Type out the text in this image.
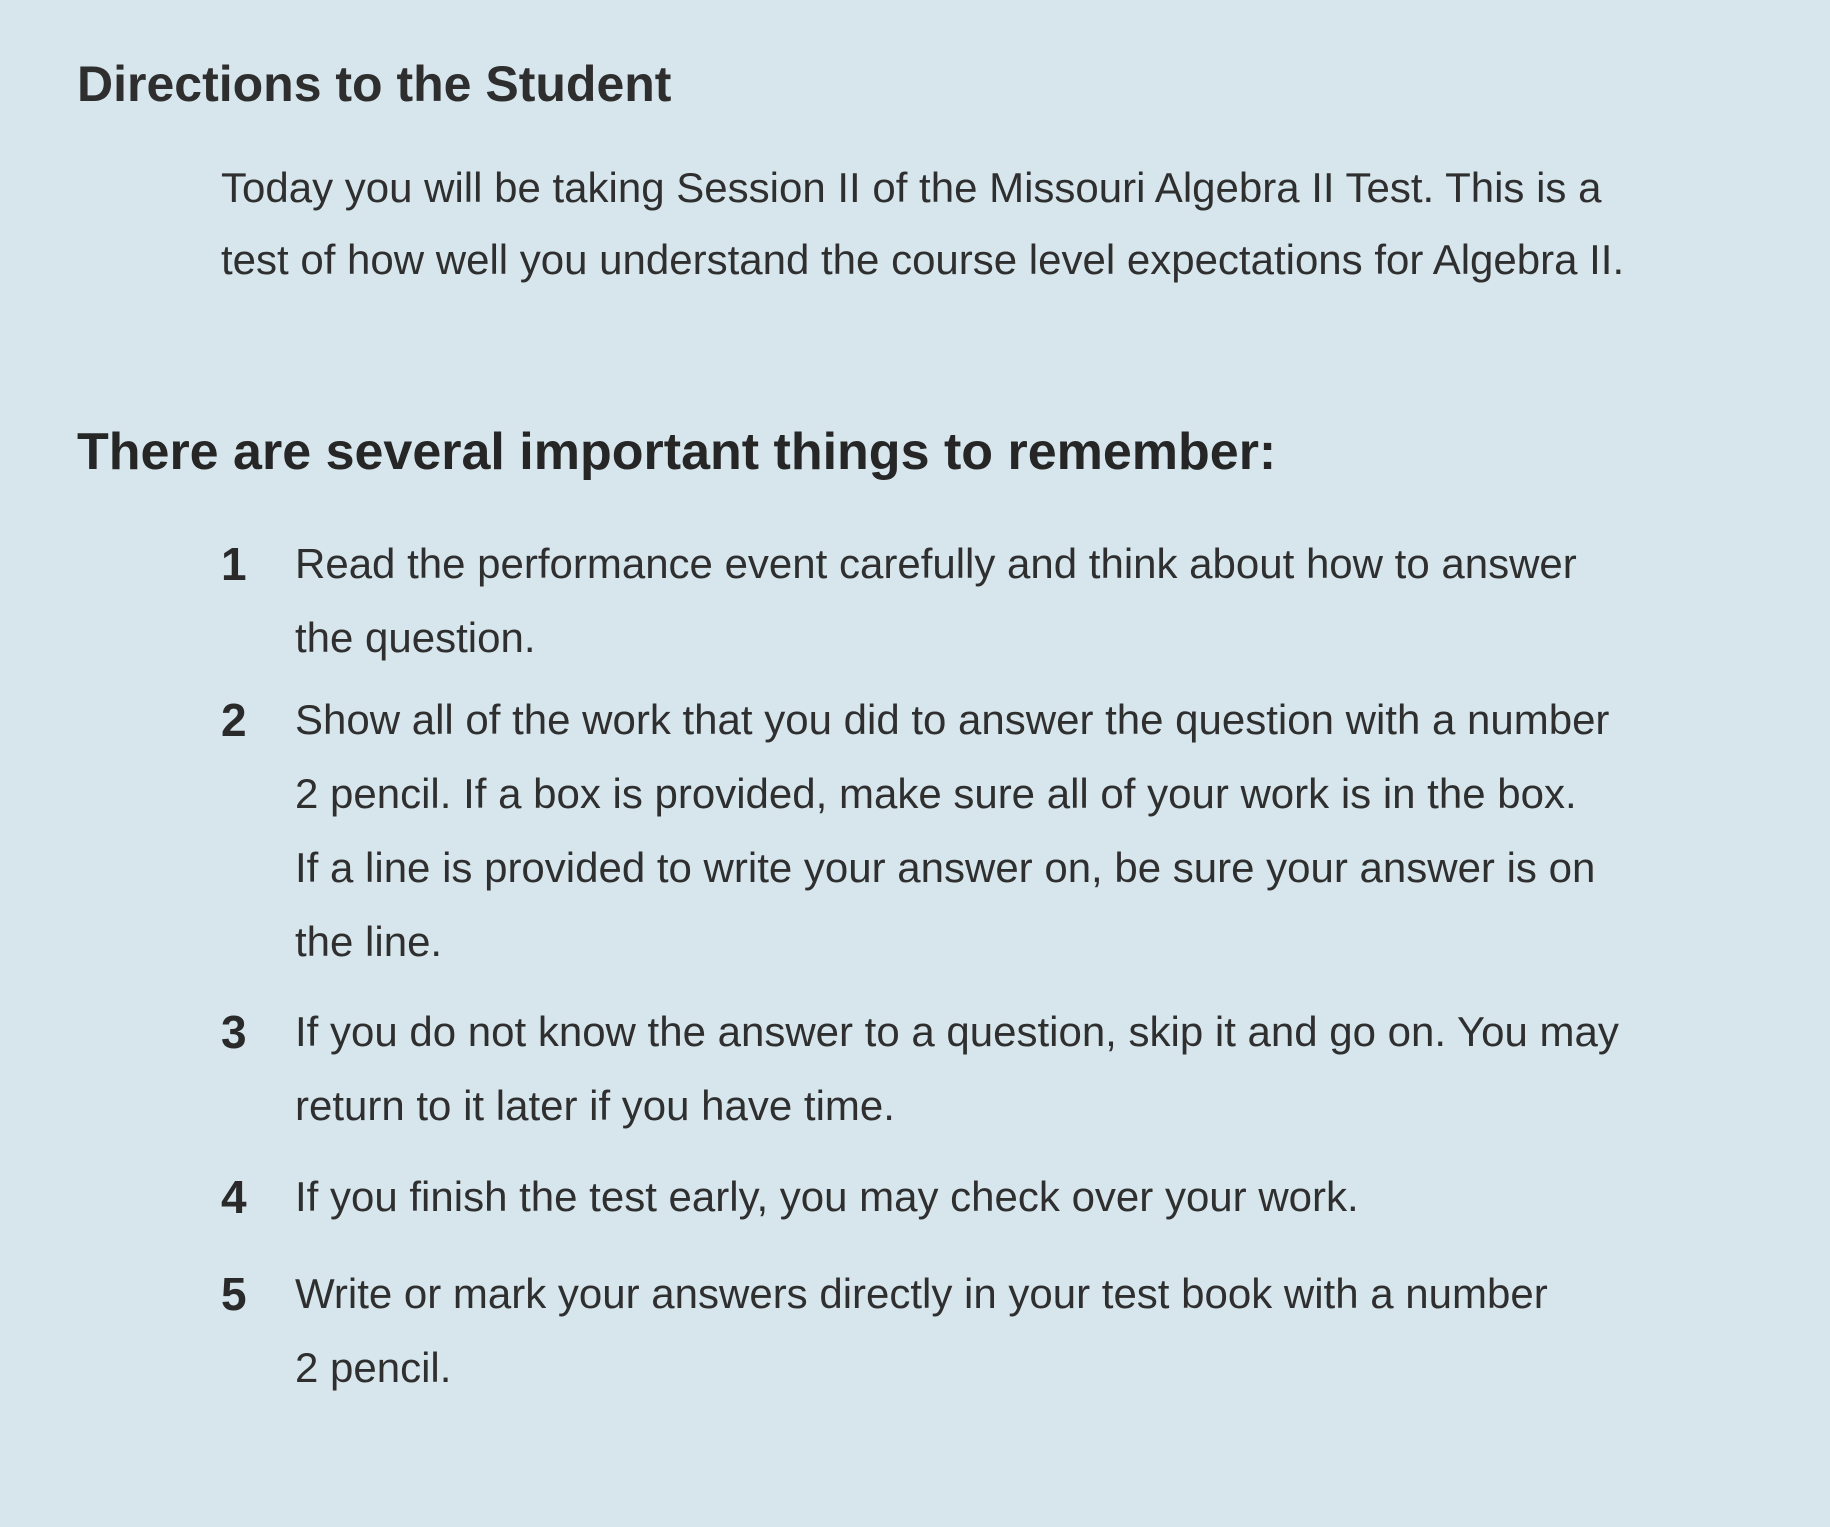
Directions to the Student
Today you will be taking Session II of the Missouri Algebra II Test. This is a
test of how well you understand the course level expectations for Algebra II.
There are several important things to remember:
1 Read the performance event carefully and think about how to answer
the question.
2 Show all of the work that you did to answer the question with a number
2 pencil. If a box is provided, make sure all of your work is in the box.
If a line is provided to write your answer on, be sure your answer is on
the line.
3 If you do not know the answer to a question, skip it and go on. You may
return to it later if you have time.
4 If you finish the test early, you may check over your work.
5 Write or mark your answers directly in your test book with a number
2 pencil.
